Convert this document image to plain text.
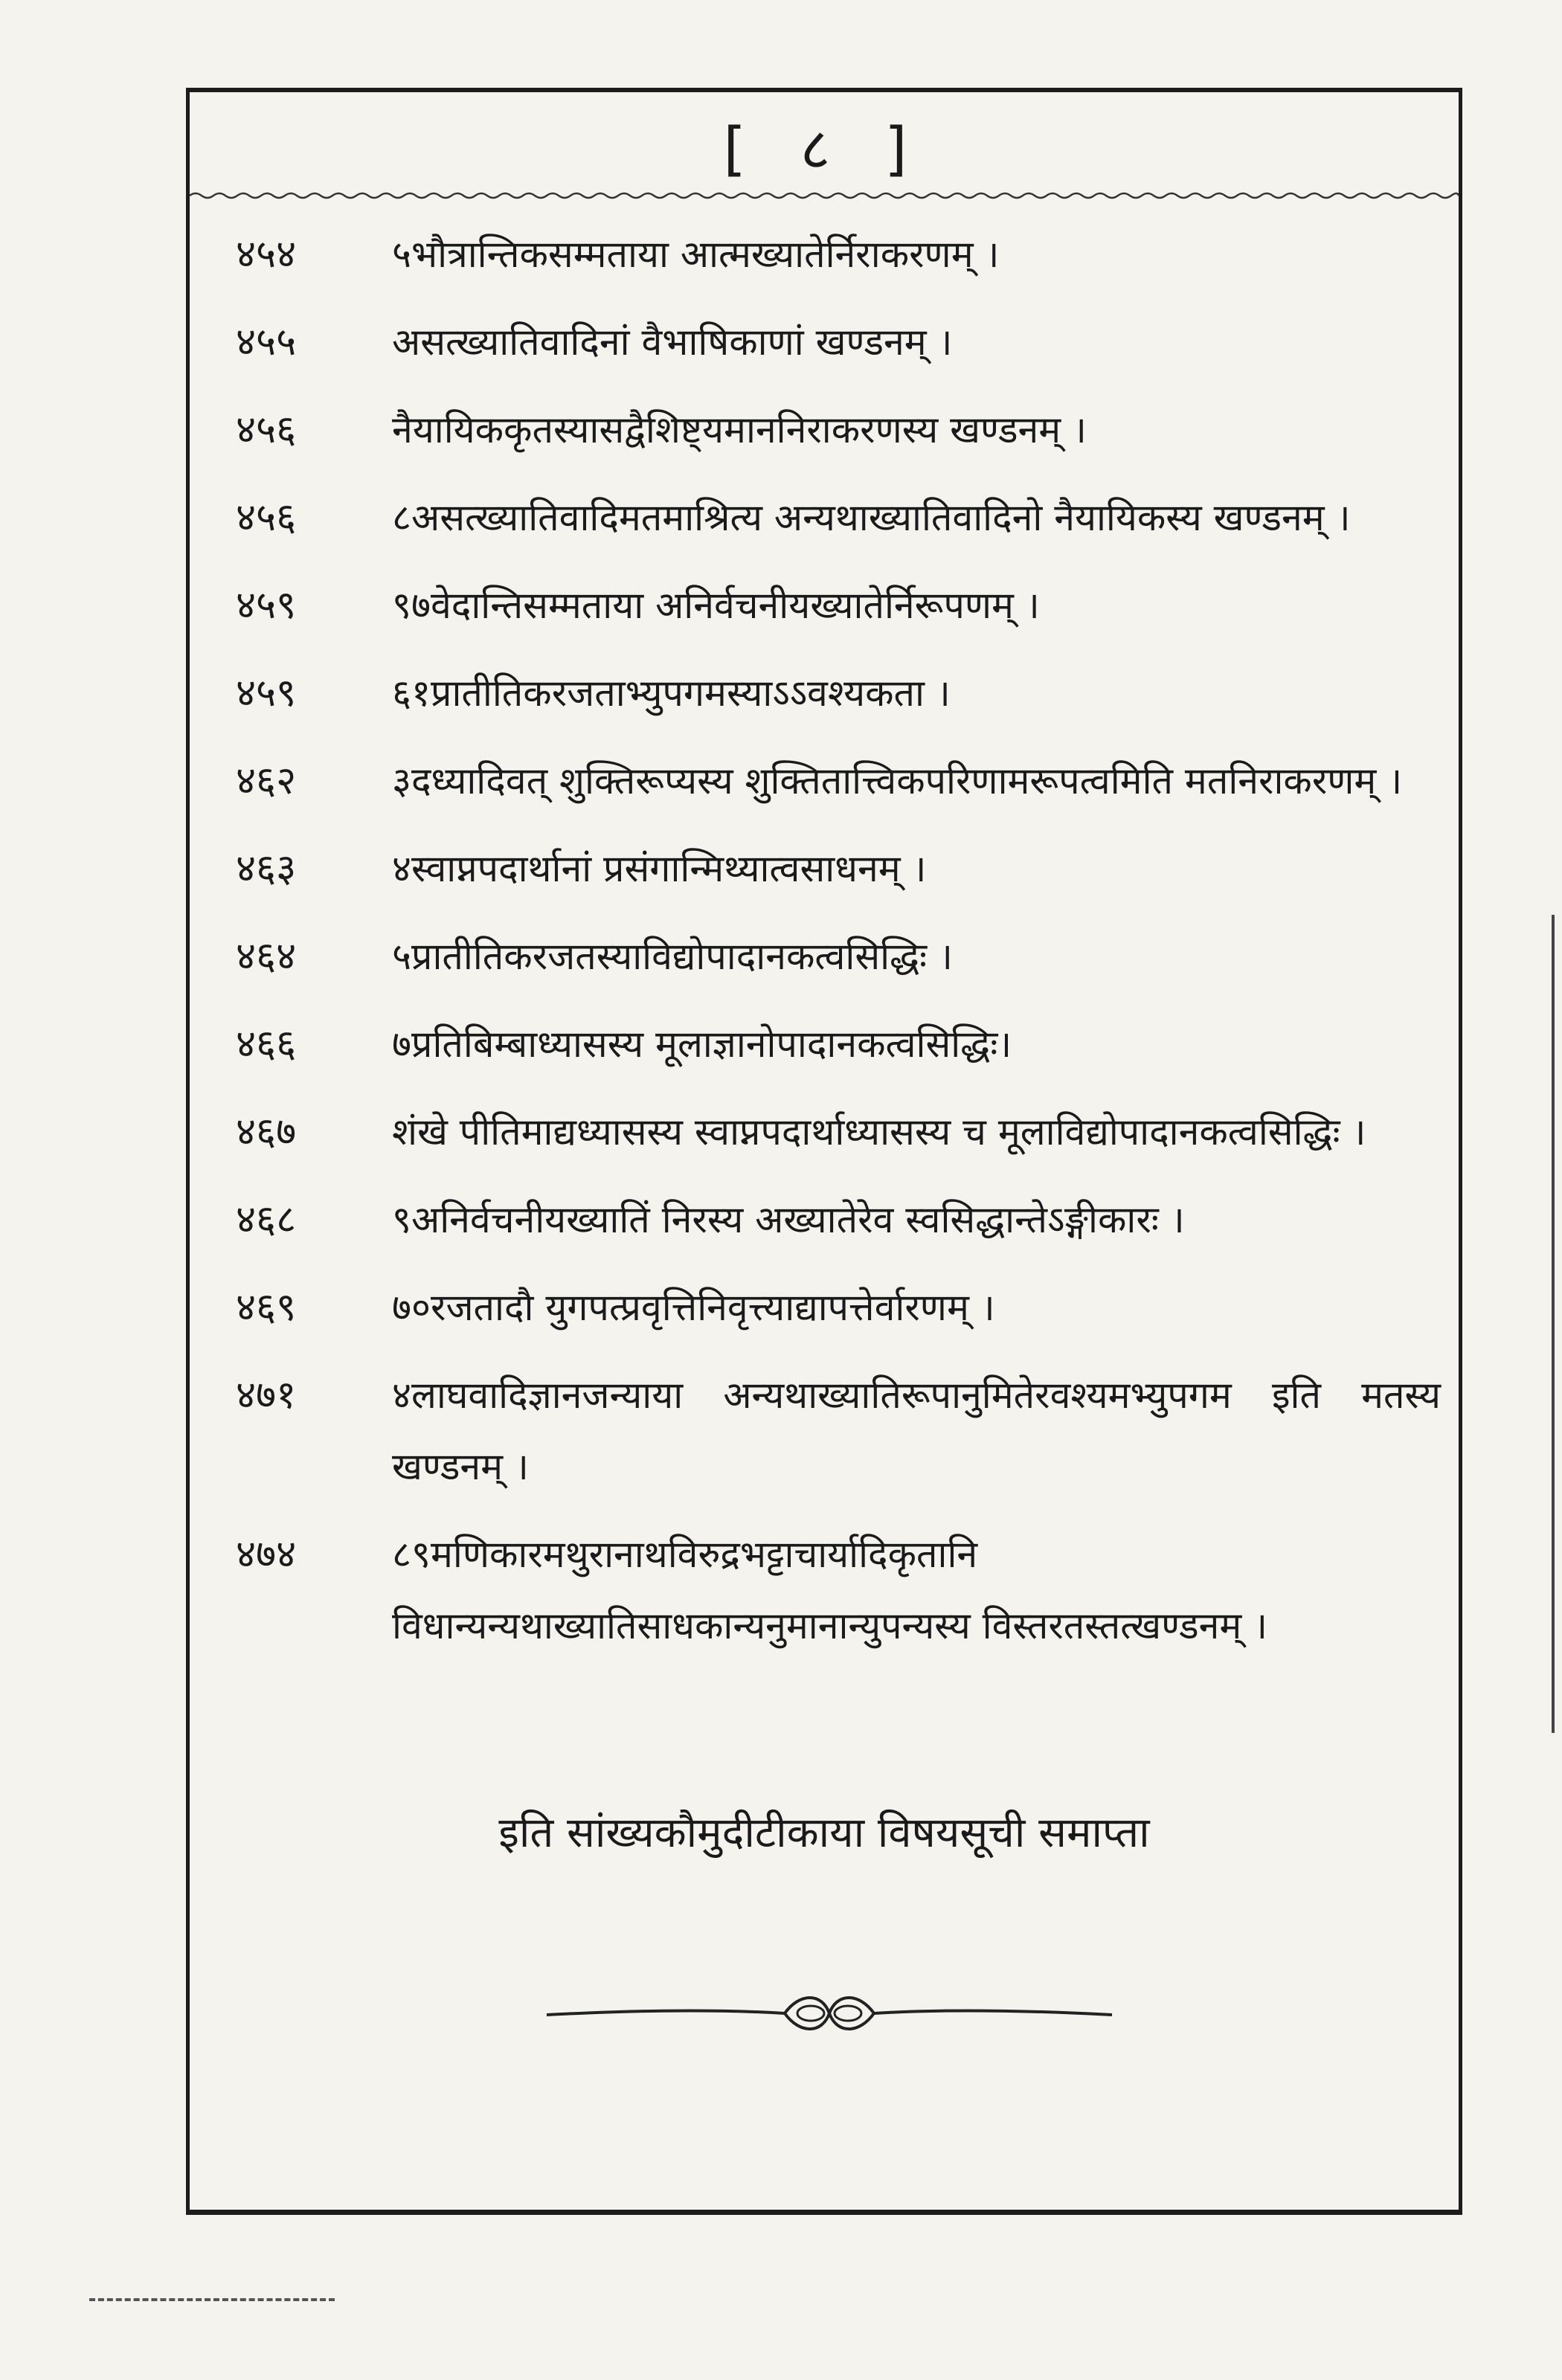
[ ८ ]
४५४	५भौत्रान्तिकसम्मताया आत्मख्यातेर्निराकरणम् ।
४५५	असत्ख्यातिवादिनां वैभाषिकाणां खण्डनम् ।
४५६	नैयायिककृतस्यासद्वैशिष्ट्यमाननिराकरणस्य खण्डनम् ।
४५६	८असत्ख्यातिवादिमतमाश्रित्य अन्यथाख्यातिवादिनो नैयायिकस्य खण्डनम् ।
४५९	९७वेदान्तिसम्मताया अनिर्वचनीयख्यातेर्निरूपणम् ।
४५९	६१प्रातीतिकरजताभ्युपगमस्याऽऽवश्यकता ।
४६२	३दध्यादिवत् शुक्तिरूप्यस्य शुक्तितात्त्विकपरिणामरूपत्वमिति मतनिराकरणम् ।
४६३	४स्वाप्नपदार्थानां प्रसंगान्मिथ्यात्वसाधनम् ।
४६४	५प्रातीतिकरजतस्याविद्योपादानकत्वसिद्धिः ।
४६६	७प्रतिबिम्बाध्यासस्य मूलाज्ञानोपादानकत्वसिद्धिः।
४६७	शंखे पीतिमाद्यध्यासस्य स्वाप्नपदार्थाध्यासस्य च मूलाविद्योपादानकत्वसिद्धिः ।
४६८	९अनिर्वचनीयख्यातिं निरस्य अख्यातेरेव स्वसिद्धान्तेऽङ्गीकारः ।
४६९	७०रजतादौ युगपत्प्रवृत्तिनिवृत्त्याद्यापत्तेर्वारणम् ।
४७१	४लाघवादिज्ञानजन्याया अन्यथाख्यातिरूपानुमितेरवश्यमभ्युपगम इति मतस्य खण्डनम् ।
४७४	८९मणिकारमथुरानाथविरुद्रभट्टाचार्यादिकृतानि विधान्यन्यथाख्यातिसाधकान्यनुमानान्युपन्यस्य विस्तरतस्तत्खण्डनम् ।
इति सांख्यकौमुदीटीकाया विषयसूची समाप्ता
